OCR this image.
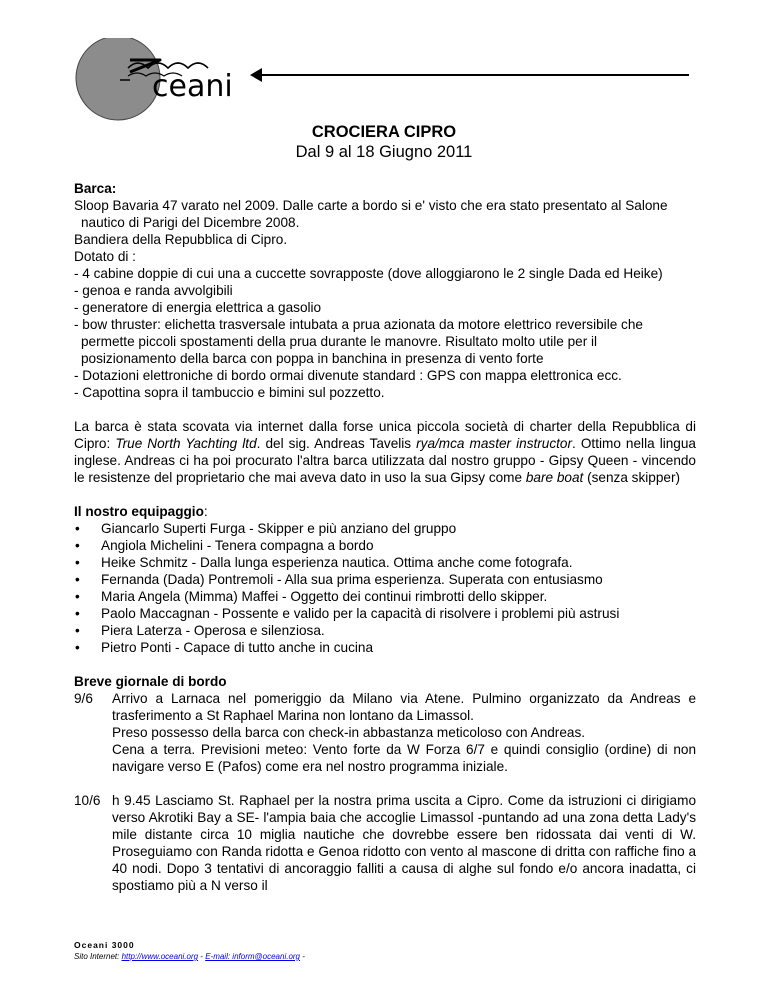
ceani
CROCIERA CIPRO
Dal 9 al 18 Giugno 2011

Barca:

Sloop Bavaria 47 varato nel 2009. Dalle carte a bordo si e' visto che era stato presentato al Salone nautico di Parigi del Dicembre 2008.

Bandiera della Repubblica di Cipro.

Dotato di :

- 4 cabine doppie di cui una a cuccette sovrapposte (dove alloggiarono le 2 single Dada ed Heike)

- genoa e randa avvolgibili

- generatore di energia elettrica a gasolio

- bow thruster: elichetta trasversale intubata a prua azionata da motore elettrico reversibile che permette piccoli spostamenti della prua durante le manovre. Risultato molto utile per il posizionamento della barca con poppa in banchina in presenza di vento forte

- Dotazioni elettroniche di bordo ormai divenute standard : GPS con mappa elettronica ecc.

- Capottina sopra il tambuccio e bimini sul pozzetto.

La barca è stata scovata via internet dalla forse unica piccola società di charter della Repubblica di Cipro: True North Yachting ltd. del sig. Andreas Tavelis rya/mca master instructor. Ottimo nella lingua inglese. Andreas ci ha poi procurato l'altra barca utilizzata dal nostro gruppo - Gipsy Queen - vincendo le resistenze del proprietario che mai aveva dato in uso la sua Gipsy come bare boat (senza skipper)

Il nostro equipaggio:

• Giancarlo Superti Furga - Skipper e più anziano del gruppo
• Angiola Michelini - Tenera compagna a bordo
• Heike Schmitz - Dalla lunga esperienza nautica. Ottima anche come fotografa.
• Fernanda (Dada) Pontremoli - Alla sua prima esperienza. Superata con entusiasmo
• Maria Angela (Mimma) Maffei - Oggetto dei continui rimbrotti dello skipper.
• Paolo Maccagnan - Possente e valido per la capacità di risolvere i problemi più astrusi
• Piera Laterza - Operosa e silenziosa.
• Pietro Ponti - Capace di tutto anche in cucina

Breve giornale di bordo

9/6	Arrivo a Larnaca nel pomeriggio da Milano via Atene. Pulmino organizzato da Andreas e trasferimento a St Raphael Marina non lontano da Limassol.

Preso possesso della barca con check-in abbastanza meticoloso con Andreas.

Cena a terra. Previsioni meteo: Vento forte da W Forza 6/7 e quindi consiglio (ordine) di non navigare verso E (Pafos) come era nel nostro programma iniziale.

10/6 h 9.45 Lasciamo St. Raphael per la nostra prima uscita a Cipro. Come da istruzioni ci dirigiamo verso Akrotiki Bay a SE- l'ampia baia che accoglie Limassol -puntando ad una zona detta Lady's mile distante circa 10 miglia nautiche che dovrebbe essere ben ridossata dai venti di W. Proseguiamo con Randa ridotta e Genoa ridotto con vento al mascone di dritta con raffiche fino a 40 nodi. Dopo 3 tentativi di ancoraggio falliti a causa di alghe sul fondo e/o ancora inadatta, ci spostiamo più a N verso il

Oceani 3000
Sito Internet: http://www.oceani.org - E-mail: inform@oceani.org -
